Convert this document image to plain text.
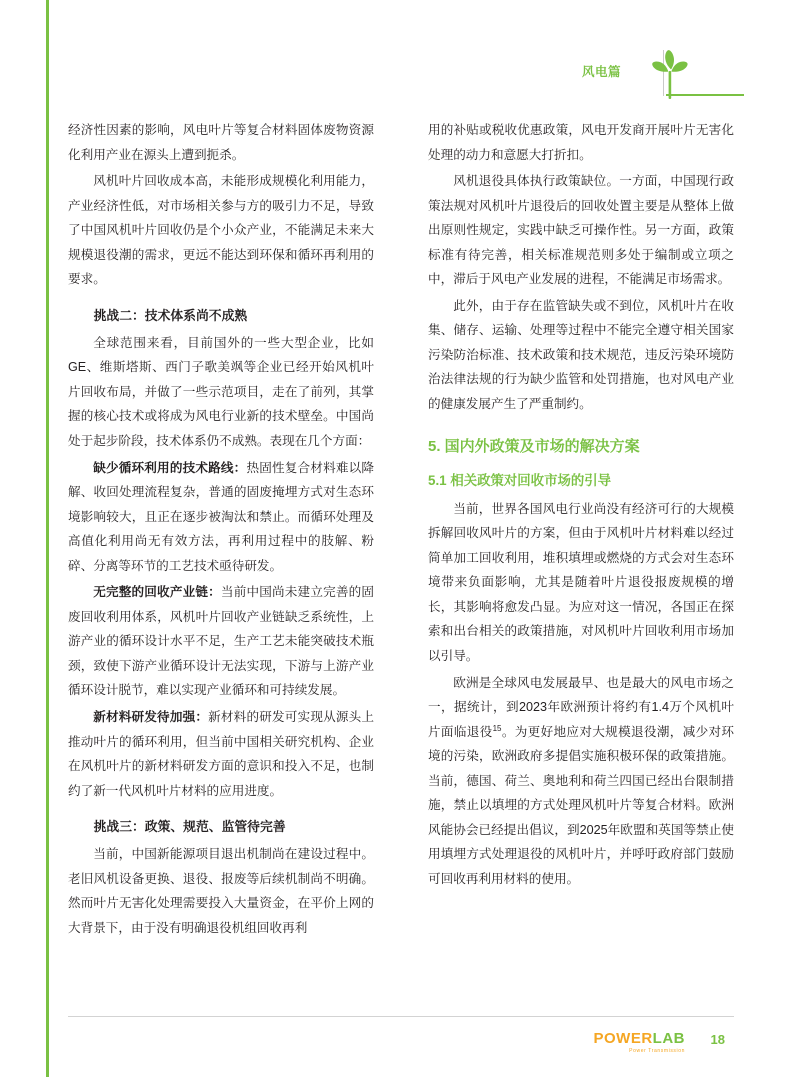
风电篇

经济性因素的影响，风电叶片等复合材料固体废物资源化利用产业在源头上遭到扼杀。

风机叶片回收成本高，未能形成规模化利用能力，产业经济性低，对市场相关参与方的吸引力不足，导致了中国风机叶片回收仍是个小众产业，不能满足未来大规模退役潮的需求，更远不能达到环保和循环再利用的要求。

挑战二：技术体系尚不成熟

全球范围来看，目前国外的一些大型企业，比如GE、维斯塔斯、西门子歌美飒等企业已经开始风机叶片回收布局，并做了一些示范项目，走在了前列，其掌握的核心技术或将成为风电行业新的技术壁垒。中国尚处于起步阶段，技术体系仍不成熟。表现在几个方面：

缺少循环利用的技术路线：热固性复合材料难以降解、收回处理流程复杂，普通的固废掩埋方式对生态环境影响较大，且正在逐步被淘汰和禁止。而循环处理及高值化利用尚无有效方法，再利用过程中的肢解、粉碎、分离等环节的工艺技术亟待研发。

无完整的回收产业链：当前中国尚未建立完善的固废回收利用体系，风机叶片回收产业链缺乏系统性，上游产业的循环设计水平不足，生产工艺未能突破技术瓶颈，致使下游产业循环设计无法实现，下游与上游产业循环设计脱节，难以实现产业循环和可持续发展。

新材料研发待加强：新材料的研发可实现从源头上推动叶片的循环利用，但当前中国相关研究机构、企业在风机叶片的新材料研发方面的意识和投入不足，也制约了新一代风机叶片材料的应用进度。

挑战三：政策、规范、监管待完善

当前，中国新能源项目退出机制尚在建设过程中。老旧风机设备更换、退役、报废等后续机制尚不明确。然而叶片无害化处理需要投入大量资金，在平价上网的大背景下，由于没有明确退役机组回收再利

用的补贴或税收优惠政策，风电开发商开展叶片无害化处理的动力和意愿大打折扣。

风机退役具体执行政策缺位。一方面，中国现行政策法规对风机叶片退役后的回收处置主要是从整体上做出原则性规定，实践中缺乏可操作性。另一方面，政策标准有待完善，相关标准规范则多处于编制或立项之中，滞后于风电产业发展的进程，不能满足市场需求。

此外，由于存在监管缺失或不到位，风机叶片在收集、储存、运输、处理等过程中不能完全遵守相关国家污染防治标准、技术政策和技术规范，违反污染环境防治法律法规的行为缺少监管和处罚措施，也对风电产业的健康发展产生了严重制约。

5. 国内外政策及市场的解决方案
5.1 相关政策对回收市场的引导

当前，世界各国风电行业尚没有经济可行的大规模拆解回收风叶片的方案，但由于风机叶片材料难以经过简单加工回收利用，堆积填埋或燃烧的方式会对生态环境带来负面影响，尤其是随着叶片退役报废规模的增长，其影响将愈发凸显。为应对这一情况，各国正在探索和出台相关的政策措施，对风机叶片回收利用市场加以引导。

欧洲是全球风电发展最早、也是最大的风电市场之一，据统计，到2023年欧洲预计将约有1.4万个风机叶片面临退役$^{15}$。为更好地应对大规模退役潮，减少对环境的污染，欧洲政府多提倡实施积极环保的政策措施。当前，德国、荷兰、奥地利和荷兰四国已经出台限制措施，禁止以填埋的方式处理风机叶片等复合材料。欧洲风能协会已经提出倡议，到2025年欧盟和英国等禁止使用填埋方式处理退役的风机叶片，并呼吁政府部门鼓励可回收再利用材料的使用。

POWERLAB
Power Transmission
18
